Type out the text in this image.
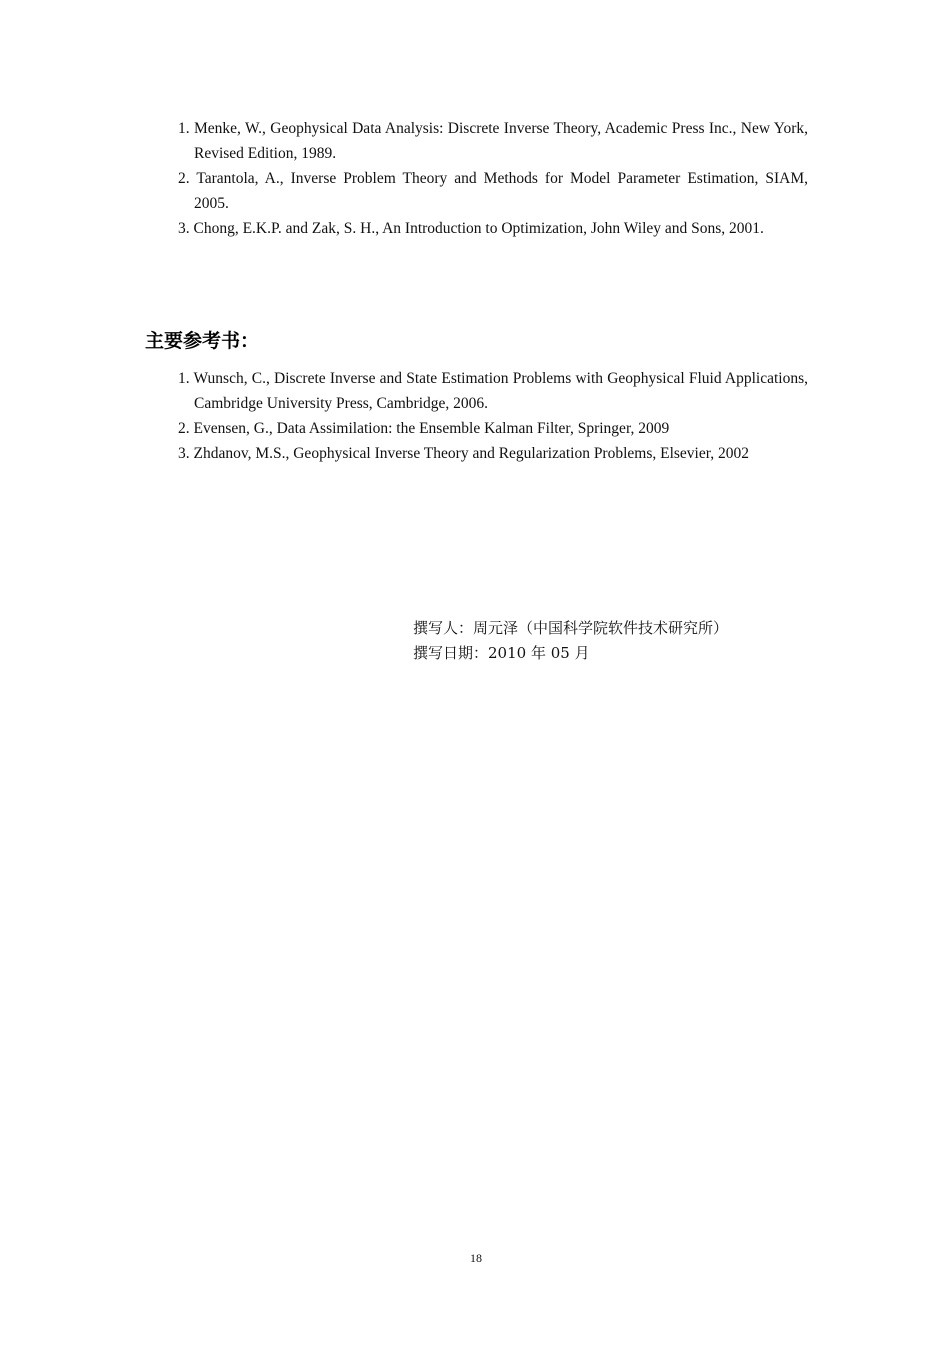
1. Menke, W., Geophysical Data Analysis: Discrete Inverse Theory, Academic Press Inc., New York, Revised Edition, 1989.
2. Tarantola, A., Inverse Problem Theory and Methods for Model Parameter Estimation, SIAM, 2005.
3. Chong, E.K.P. and Zak, S. H., An Introduction to Optimization, John Wiley and Sons, 2001.
主要参考书：
1. Wunsch, C., Discrete Inverse and State Estimation Problems with Geophysical Fluid Applications, Cambridge University Press, Cambridge, 2006.
2. Evensen, G., Data Assimilation: the Ensemble Kalman Filter, Springer, 2009
3. Zhdanov, M.S., Geophysical Inverse Theory and Regularization Problems, Elsevier, 2002
撰写人：周元泽（中国科学院软件技术研究所）
撰写日期：2010 年 05 月
18
